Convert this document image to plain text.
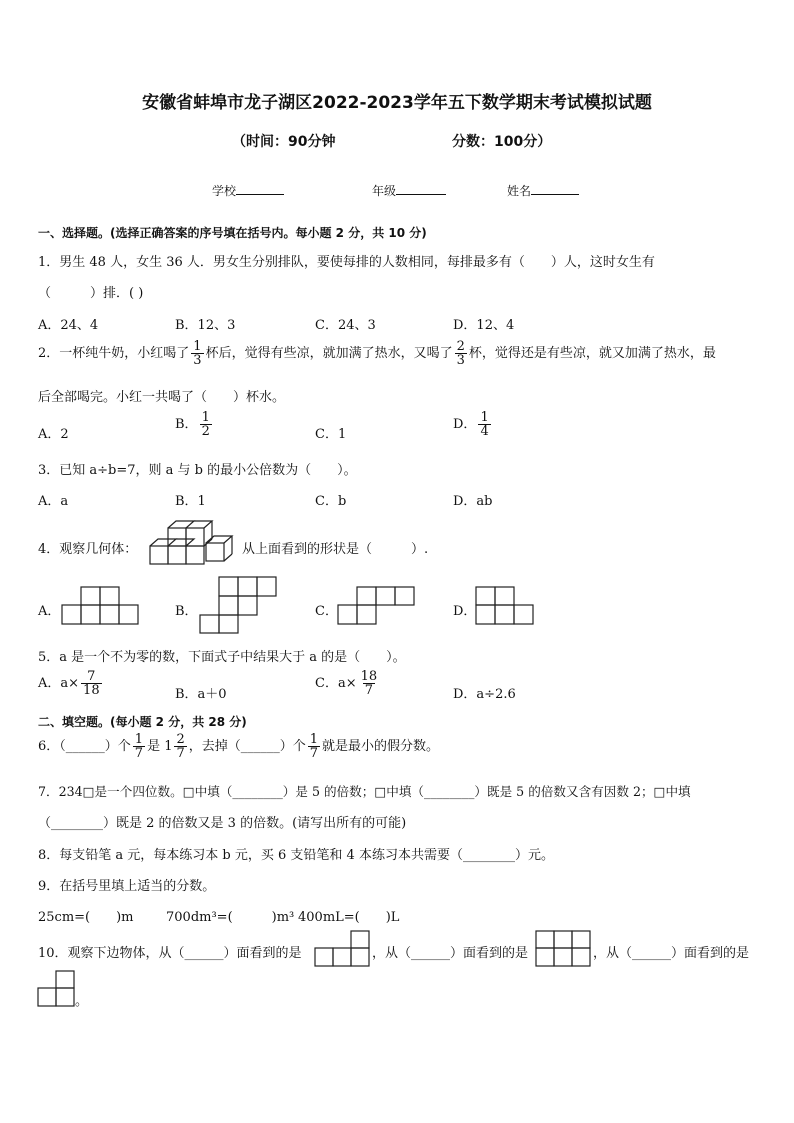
安徽省蚌埠市龙子湖区2022-2023学年五下数学期末考试模拟试题
（时间：90分钟	分数：100分）
学校	年级	姓名
一、选择题。(选择正确答案的序号填在括号内。每小题 2 分，共 10 分)
1．男生 48 人，女生 36 人．男女生分别排队，要使每排的人数相同，每排最多有（　　）人，这时女生有
（　　　）排．( )
A．24、4	B．12、3	C．24、3	D．12、4
2．一杯纯牛奶，小红喝了 $\frac{1}{3}$ 杯后，觉得有些凉，就加满了热水，又喝了 $\frac{2}{3}$ 杯，觉得还是有些凉，就又加满了热水，最
后全部喝完。小红一共喝了（　　）杯水。
A．2
B． $\frac{1}{2}$	C．1
D． $\frac{1}{4}$
3．已知 a÷b=7，则 a 与 b 的最小公倍数为（　　）。
A．a	B．1	C．b	D．ab
4．观察几何体：	从上面看到的形状是（　　　）.
A．	B．	C．	D．
5．a 是一个不为零的数，下面式子中结果大于 a 的是（　　）。
A．$a\times \frac{7}{18}$	B．a＋0
C．$a\times \frac{18}{7}$	D．a÷2.6
二、填空题。(每小题 2 分，共 28 分)
6．（______）个 $\frac{1}{7}$ 是 $1 \frac{2}{7}$ ，去掉（______）个 $\frac{1}{7}$ 就是最小的假分数。
7．234□是一个四位数。□中填（________）是 5 的倍数；□中填（________）既是 5 的倍数又含有因数 2；□中填
（________）既是 2 的倍数又是 3 的倍数。(请写出所有的可能)
8．每支铅笔 a 元，每本练习本 b 元，买 6 支铅笔和 4 本练习本共需要（________）元。
9．在括号里填上适当的分数。
25cm=(　　)m 700dm³=(　　　)m³ 400mL=(　　)L
10．观察下边物体，从（______）面看到的是	，从（______）面看到的是	，从（______）面看到的是
。
